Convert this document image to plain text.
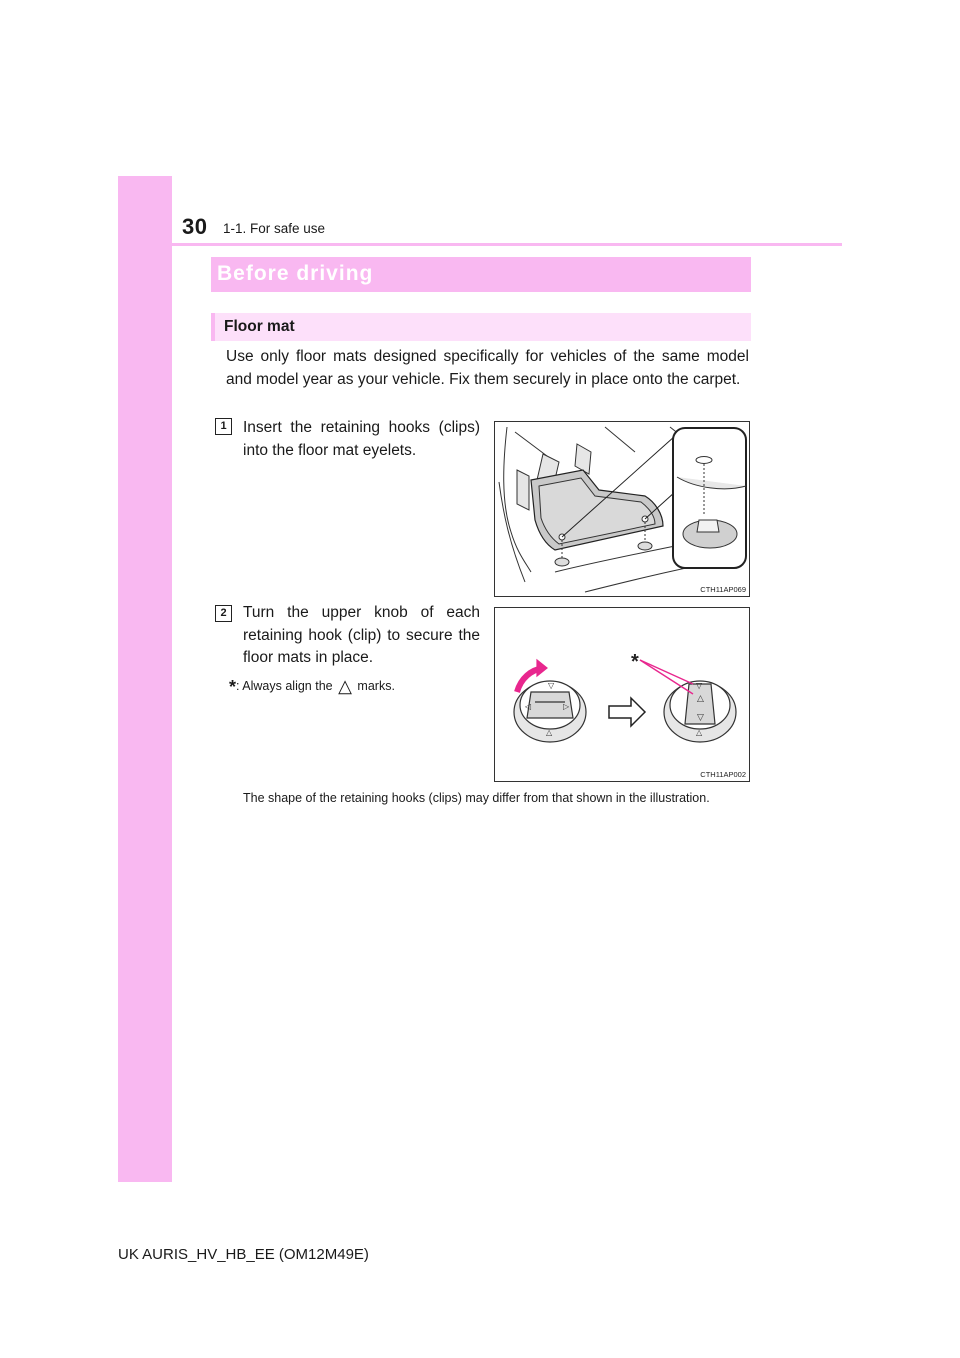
30 1-1. For safe use
Before driving
Floor mat

Use only floor mats designed specifically for vehicles of the same model and model year as your vehicle. Fix them securely in place onto the carpet.

1	Insert the retaining hooks (clips) into the floor mat eyelets.

CTH11AP069
2	Turn the upper knob of each retaining hook (clip) to secure the floor mats in place.

*: Always align the △ marks.	▽
◁	▷
△
▽
△
▽
△
*
CTH11AP002

The shape of the retaining hooks (clips) may differ from that shown in the illustration.

UK AURIS_HV_HB_EE (OM12M49E)
